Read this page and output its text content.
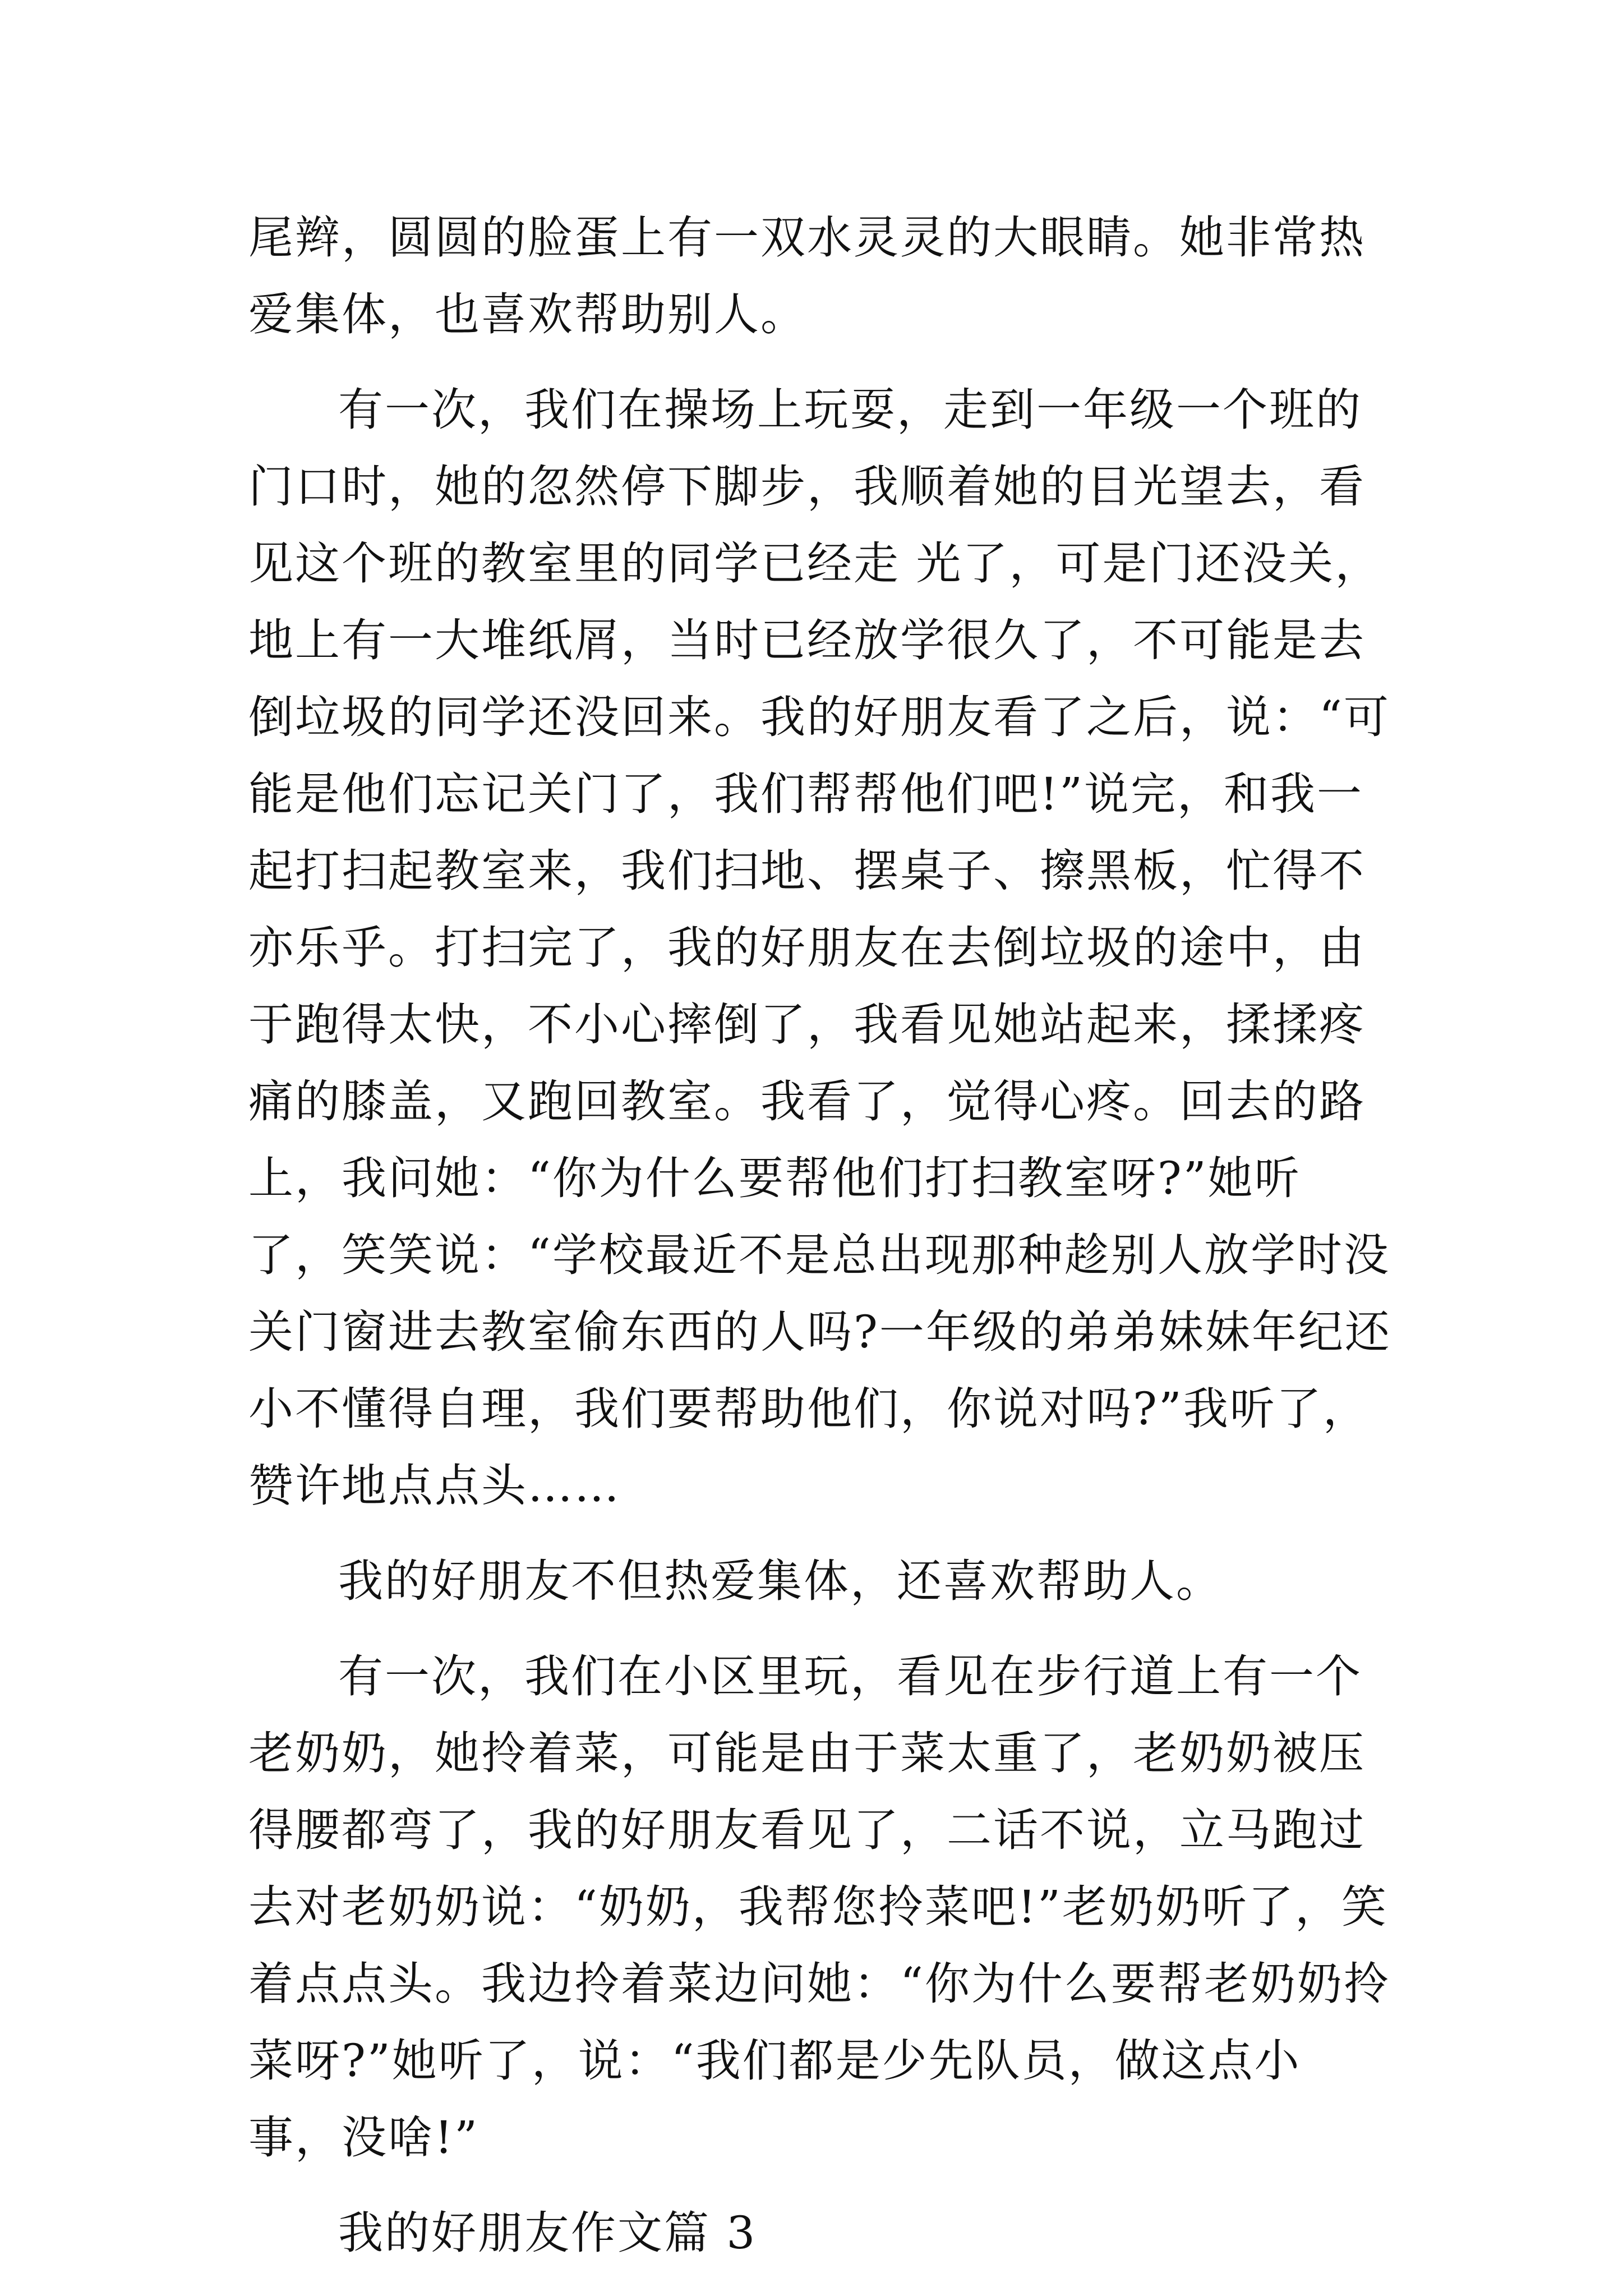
尾辫，圆圆的脸蛋上有一双水灵灵的大眼睛。她非常热爱集体，也喜欢帮助别人。

有一次，我们在操场上玩耍，走到一年级一个班的门口时，她的忽然停下脚步，我顺着她的目光望去，看见这个班的教室里的同学已经走 光了，可是门还没关，地上有一大堆纸屑，当时已经放学很久了，不可能是去倒垃圾的同学还没回来。我的好朋友看了之后，说：“可能是他们忘记关门了，我们帮帮他们吧!”说完，和我一起打扫起教室来，我们扫地、摆桌子、擦黑板，忙得不亦乐乎。打扫完了，我的好朋友在去倒垃圾的途中，由于跑得太快，不小心摔倒了，我看见她站起来，揉揉疼痛的膝盖，又跑回教室。我看了，觉得心疼。回去的路上，我问她：“你为什么要帮他们打扫教室呀?”她听了，笑笑说：“学校最近不是总出现那种趁别人放学时没关门窗进去教室偷东西的人吗?一年级的弟弟妹妹年纪还小不懂得自理，我们要帮助他们，你说对吗?”我听了，赞许地点点头……

我的好朋友不但热爱集体，还喜欢帮助人。

有一次，我们在小区里玩，看见在步行道上有一个老奶奶，她拎着菜，可能是由于菜太重了，老奶奶被压得腰都弯了，我的好朋友看见了，二话不说，立马跑过去对老奶奶说：“奶奶，我帮您拎菜吧!”老奶奶听了，笑着点点头。我边拎着菜边问她：“你为什么要帮老奶奶拎菜呀?”她听了，说：“我们都是少先队员，做这点小事，没啥!”

我的好朋友作文篇 3
